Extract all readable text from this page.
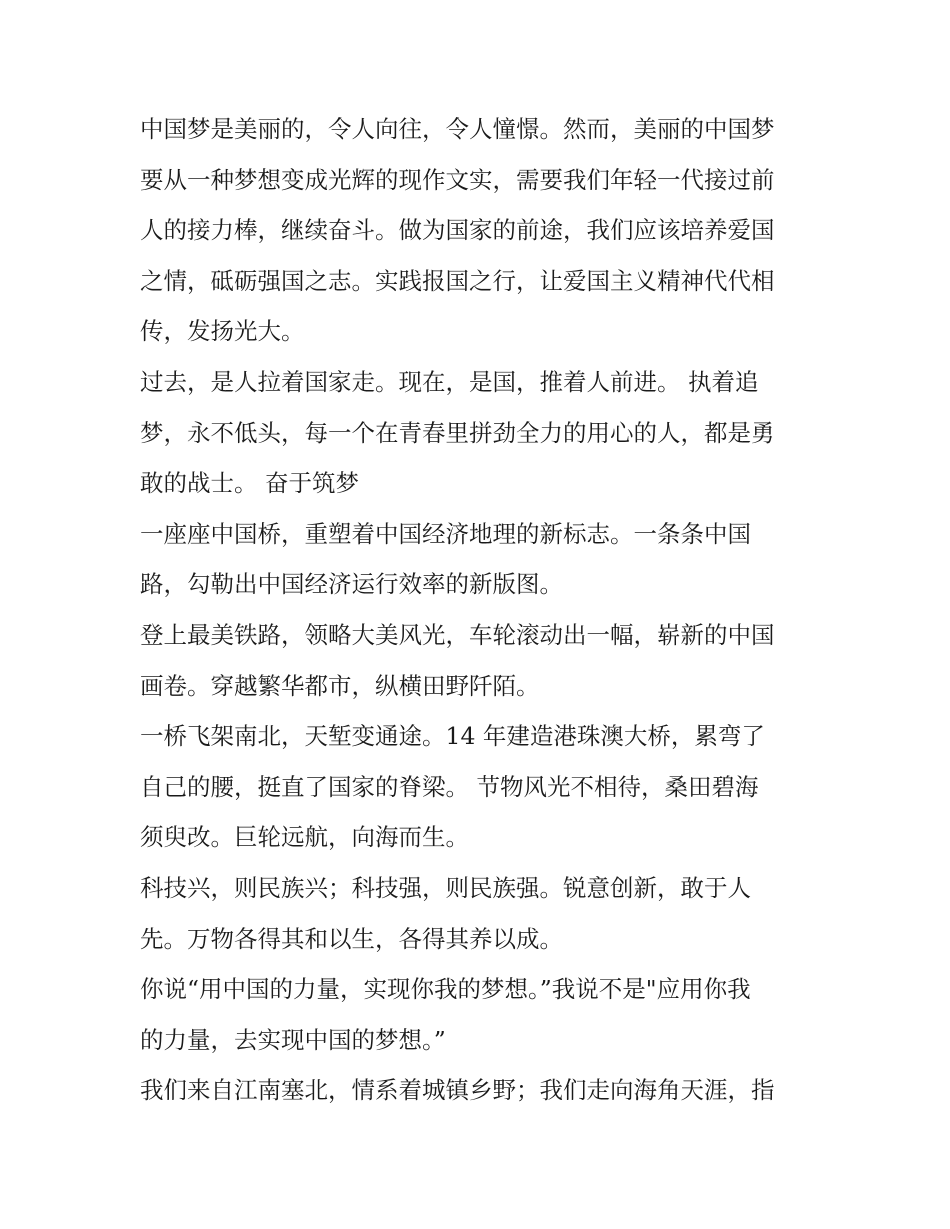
中国梦是美丽的，令人向往，令人憧憬。然而，美丽的中国梦
要从一种梦想变成光辉的现作文实，需要我们年轻一代接过前
人的接力棒，继续奋斗。做为国家的前途，我们应该培养爱国
之情，砥砺强国之志。实践报国之行，让爱国主义精神代代相
传，发扬光大。

过去，是人拉着国家走。现在，是国，推着人前进。 执着追
梦，永不低头，每一个在青春里拼劲全力的用心的人，都是勇
敢的战士。 奋于筑梦

一座座中国桥，重塑着中国经济地理的新标志。一条条中国
路，勾勒出中国经济运行效率的新版图。

登上最美铁路，领略大美风光，车轮滚动出一幅，崭新的中国
画卷。穿越繁华都市，纵横田野阡陌。

一桥飞架南北，天堑变通途。14 年建造港珠澳大桥，累弯了
自己的腰，挺直了国家的脊梁。 节物风光不相待，桑田碧海
须臾改。巨轮远航，向海而生。

科技兴，则民族兴；科技强，则民族强。锐意创新，敢于人
先。万物各得其和以生，各得其养以成。

你说“用中国的力量，实现你我的梦想。”我说不是"应用你我
的力量，去实现中国的梦想。”

我们来自江南塞北，情系着城镇乡野；我们走向海角天涯，指
